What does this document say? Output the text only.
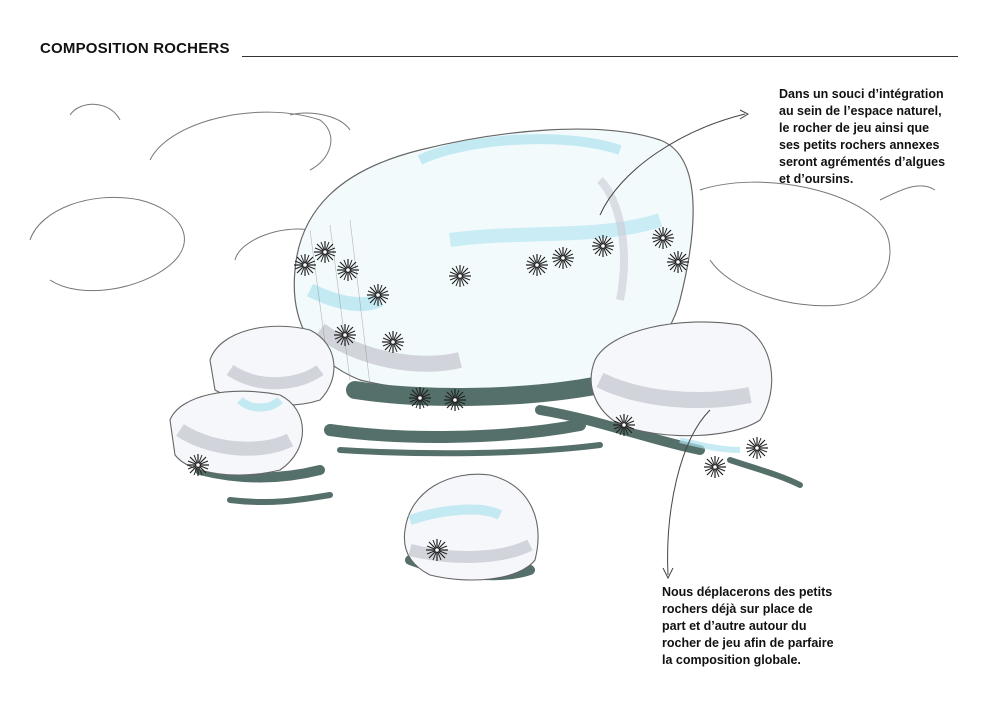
COMPOSITION ROCHERS
Dans un souci d’intégration
au sein de l’espace naturel,
le rocher de jeu ainsi que
ses petits rochers annexes
seront agrémentés d’algues
et d’oursins.
Nous déplacerons des petits
rochers déjà sur place de
part et d’autre autour du
rocher de jeu afin de parfaire
la composition globale.
